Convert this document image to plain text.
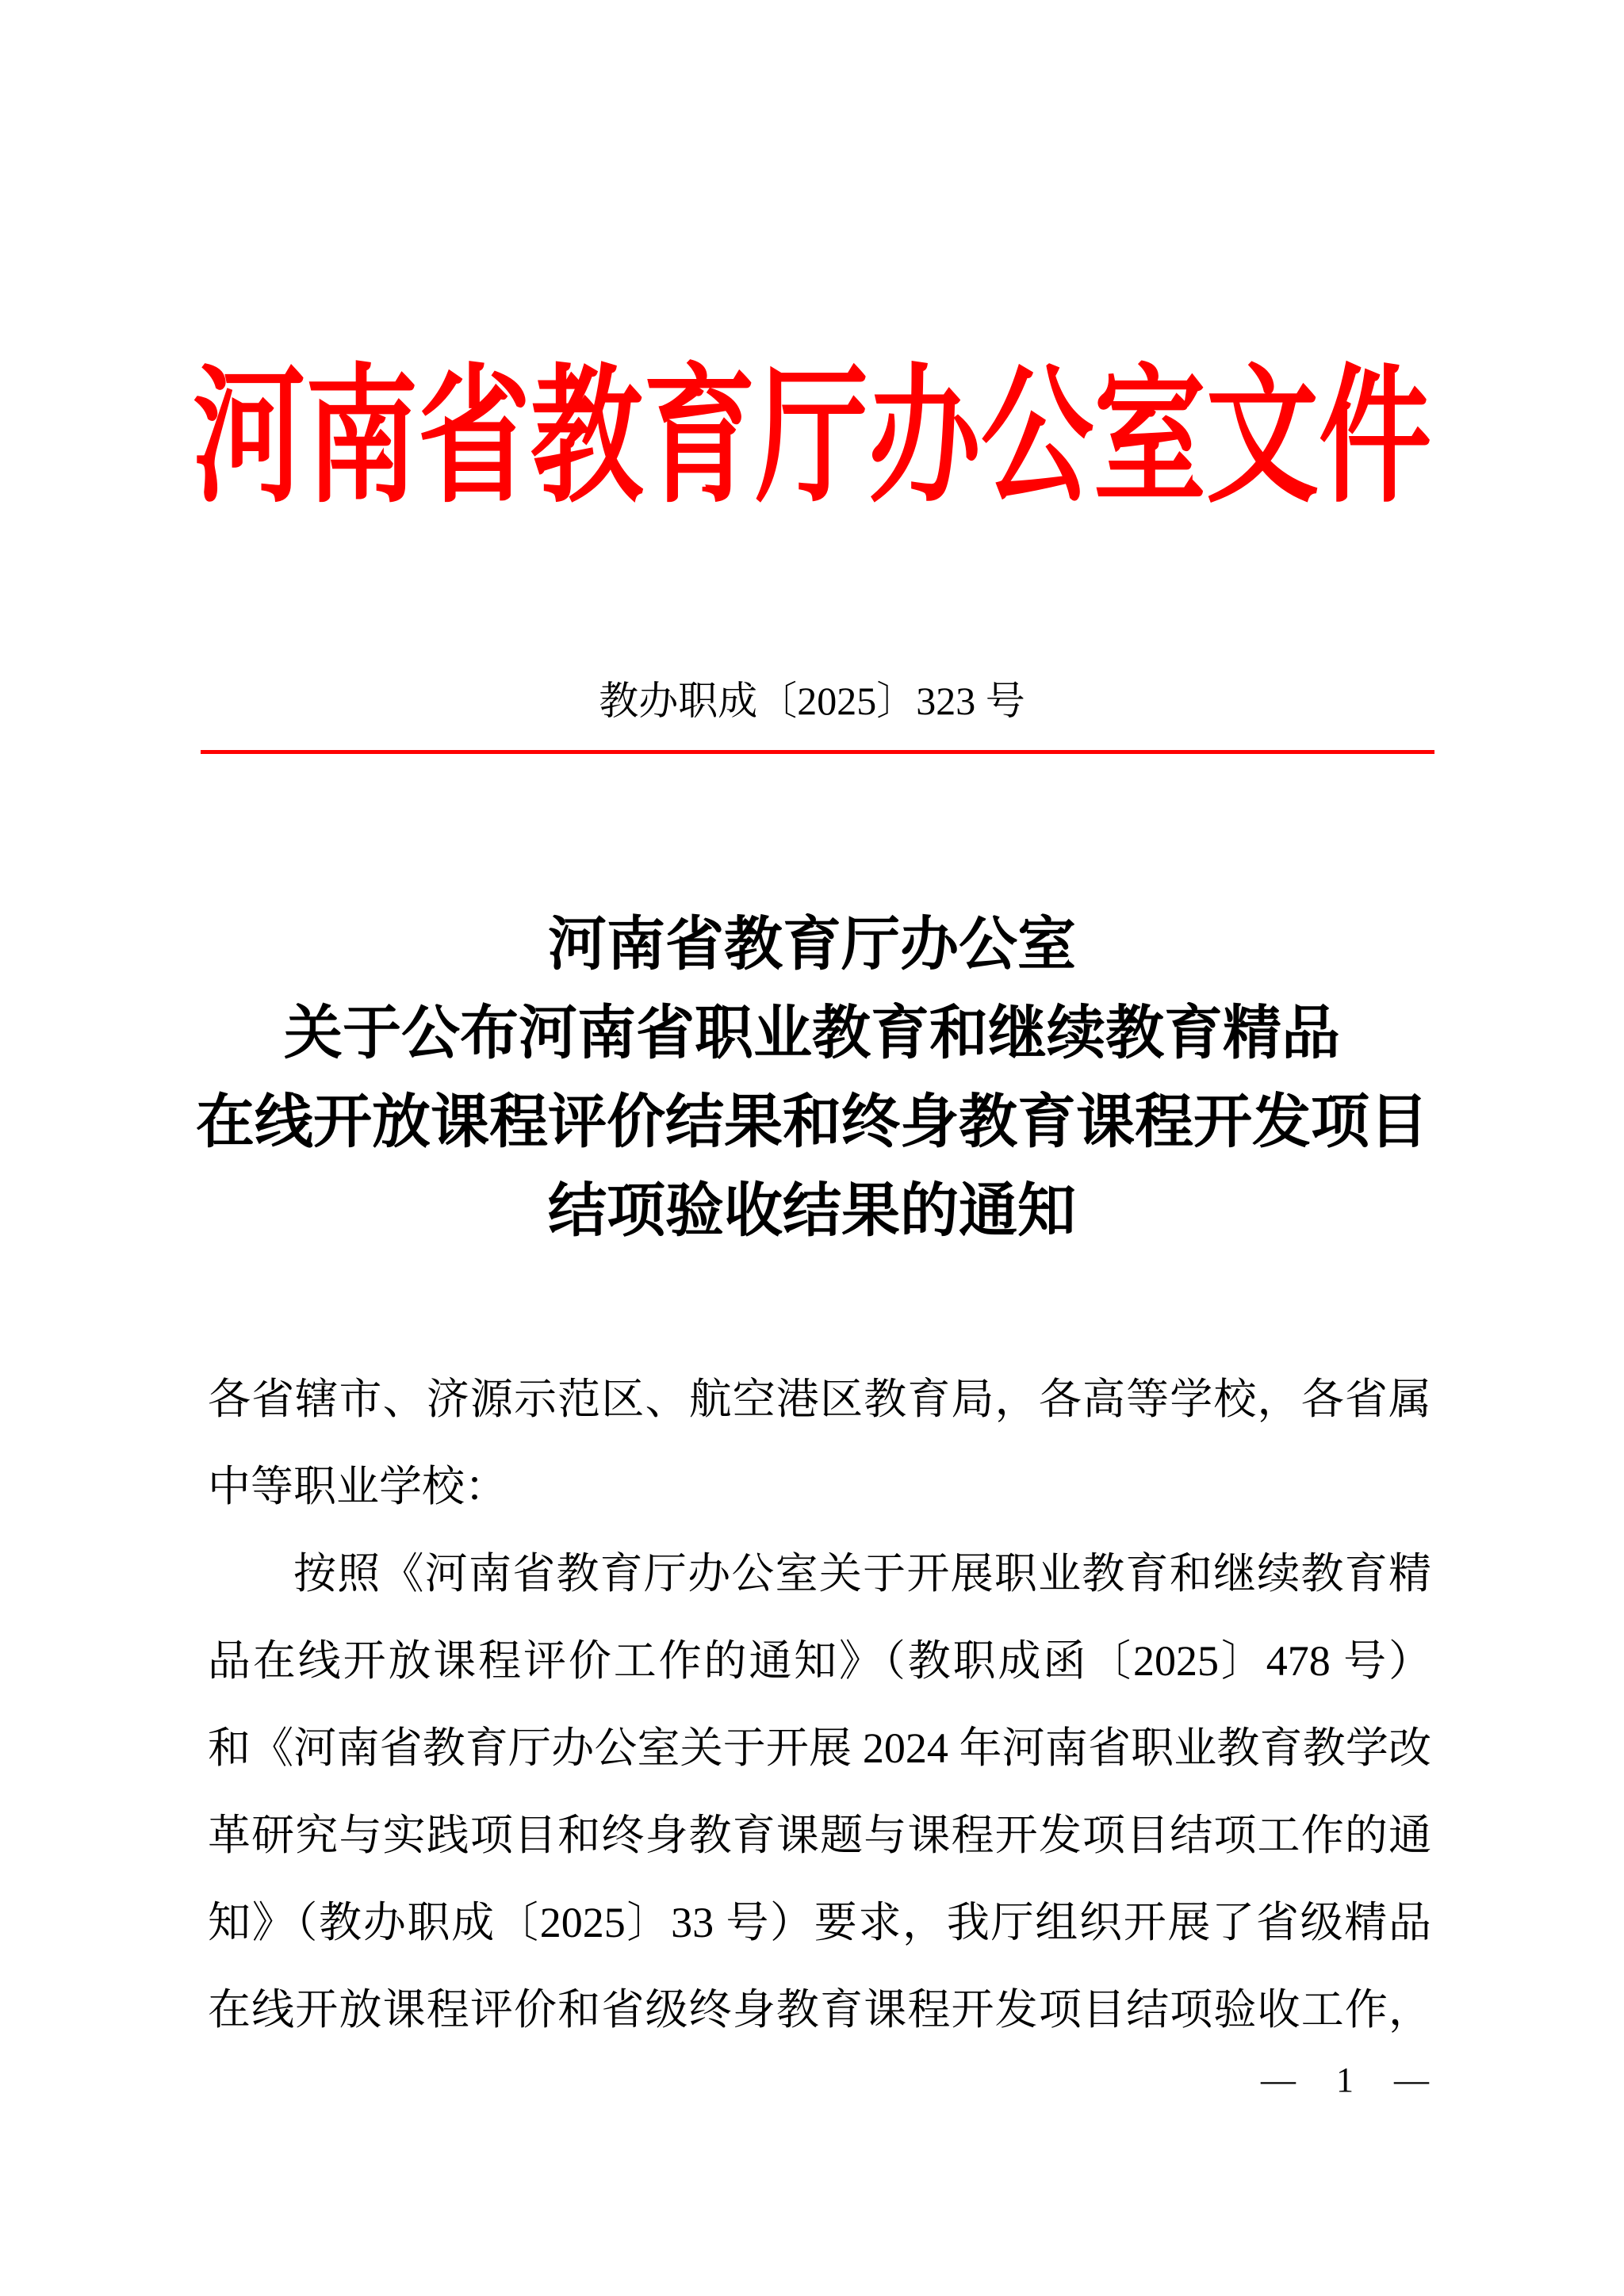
河南省教育厅办公室文件
教办职成〔2025〕323 号
河南省教育厅办公室
关于公布河南省职业教育和继续教育精品
在线开放课程评价结果和终身教育课程开发项目
结项验收结果的通知
各省辖市、济源示范区、航空港区教育局，各高等学校，各省属
中等职业学校：
按照《河南省教育厅办公室关于开展职业教育和继续教育精
品在线开放课程评价工作的通知》（教职成函〔2025〕478 号）
和《河南省教育厅办公室关于开展 2024 年河南省职业教育教学改
革研究与实践项目和终身教育课题与课程开发项目结项工作的通
知》（教办职成〔2025〕33 号）要求，我厅组织开展了省级精品
在线开放课程评价和省级终身教育课程开发项目结项验收工作，
— 1 —
